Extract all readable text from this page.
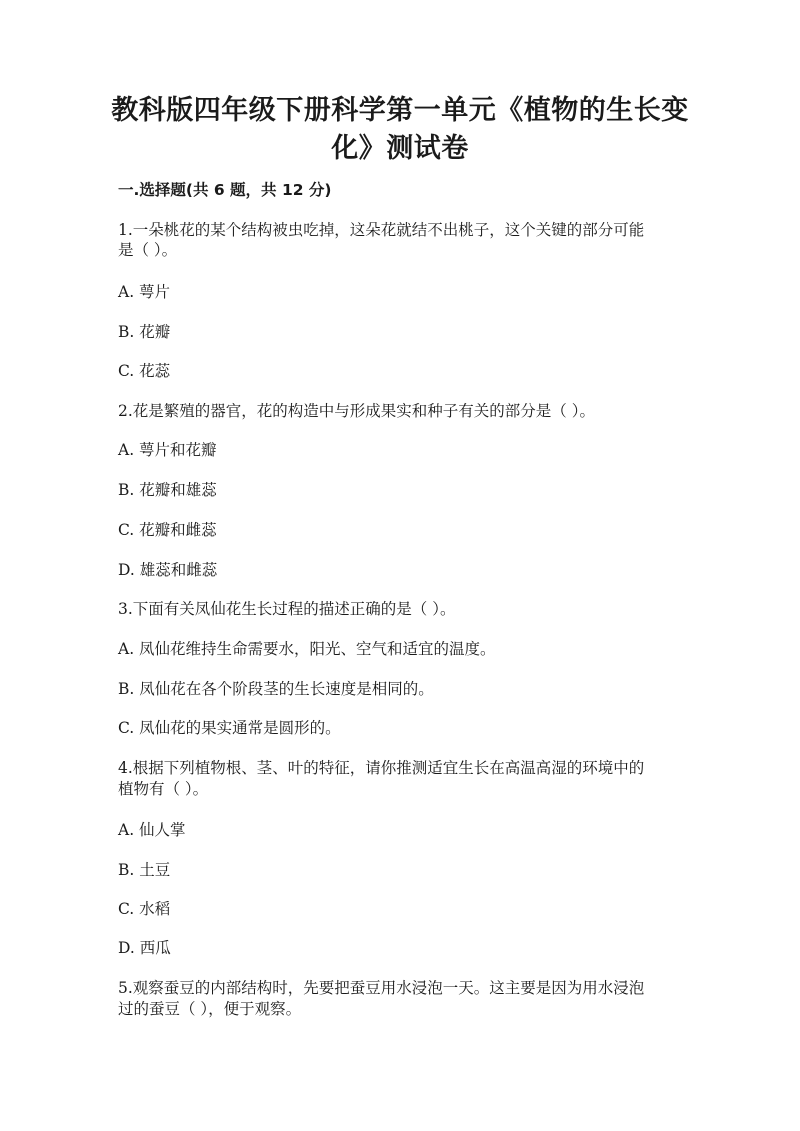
教科版四年级下册科学第一单元《植物的生长变
化》测试卷
一.选择题(共 6 题，共 12 分)
1.一朵桃花的某个结构被虫吃掉，这朵花就结不出桃子，这个关键的部分可能
是（ ）。
A. 萼片
B. 花瓣
C. 花蕊
2.花是繁殖的器官，花的构造中与形成果实和种子有关的部分是（ ）。
A. 萼片和花瓣
B. 花瓣和雄蕊
C. 花瓣和雌蕊
D. 雄蕊和雌蕊
3.下面有关凤仙花生长过程的描述正确的是（ ）。
A. 凤仙花维持生命需要水，阳光、空气和适宜的温度。
B. 凤仙花在各个阶段茎的生长速度是相同的。
C. 凤仙花的果实通常是圆形的。
4.根据下列植物根、茎、叶的特征，请你推测适宜生长在高温高湿的环境中的
植物有（ ）。
A. 仙人掌
B. 土豆
C. 水稻
D. 西瓜
5.观察蚕豆的内部结构时，先要把蚕豆用水浸泡一天。这主要是因为用水浸泡
过的蚕豆（ ），便于观察。
